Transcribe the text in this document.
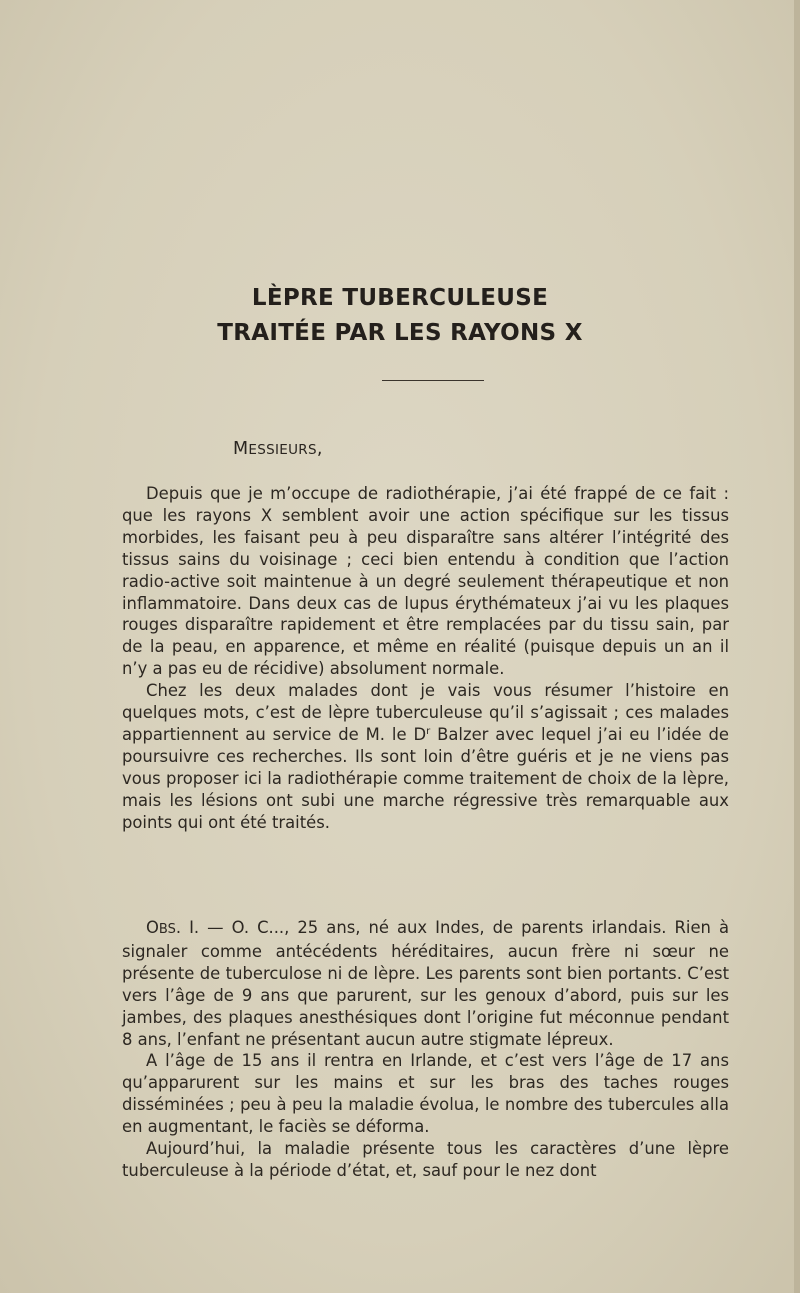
LÈPRE TUBERCULEUSE
TRAITÉE PAR LES RAYONS X
MESSIEURS,

Depuis que je m’occupe de radiothérapie, j’ai été frappé de ce fait : que les rayons X semblent avoir une action spécifique sur les tissus morbides, les faisant peu à peu disparaître sans altérer l’intégrité des tissus sains du voisinage ; ceci bien entendu à condition que l’action radio-active soit maintenue à un degré seulement thérapeutique et non inflammatoire. Dans deux cas de lupus érythémateux j’ai vu les plaques rouges disparaître rapidement et être remplacées par du tissu sain, par de la peau, en apparence, et même en réalité (puisque depuis un an il n’y a pas eu de récidive) absolument normale.

Chez les deux malades dont je vais vous résumer l’histoire en quelques mots, c’est de lèpre tuberculeuse qu’il s’agissait ; ces malades appartiennent au service de M. le $D^r$ Balzer avec lequel j’ai eu l’idée de poursuivre ces recherches. Ils sont loin d’être guéris et je ne viens pas vous proposer ici la radiothérapie comme traitement de choix de la lèpre, mais les lésions ont subi une marche régressive très remarquable aux points qui ont été traités.

OBS. I. — O. C..., 25 ans, né aux Indes, de parents irlandais. Rien à signaler comme antécédents héréditaires, aucun frère ni sœur ne présente de tuberculose ni de lèpre. Les parents sont bien portants. C’est vers l’âge de 9 ans que parurent, sur les genoux d’abord, puis sur les jambes, des plaques anesthésiques dont l’origine fut méconnue pendant 8 ans, l’enfant ne présentant aucun autre stigmate lépreux.

A l’âge de 15 ans il rentra en Irlande, et c’est vers l’âge de 17 ans qu’apparurent sur les mains et sur les bras des taches rouges disséminées ; peu à peu la maladie évolua, le nombre des tubercules alla en augmentant, le faciès se déforma.

Aujourd’hui, la maladie présente tous les caractères d’une lèpre tuberculeuse à la période d’état, et, sauf pour le nez dont
